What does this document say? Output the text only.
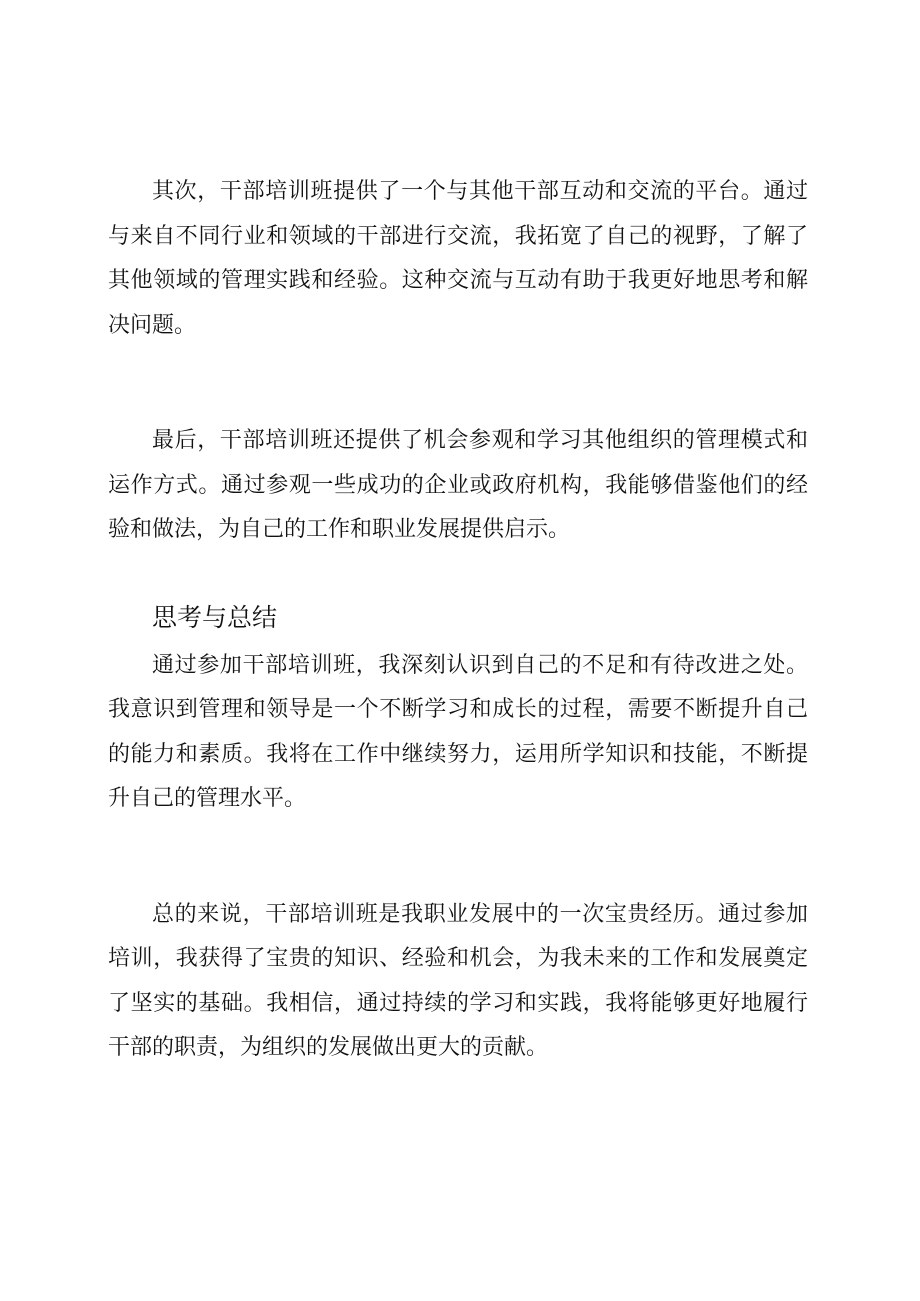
其次，干部培训班提供了一个与其他干部互动和交流的平台。通过与来自不同行业和领域的干部进行交流，我拓宽了自己的视野，了解了其他领域的管理实践和经验。这种交流与互动有助于我更好地思考和解决问题。

最后，干部培训班还提供了机会参观和学习其他组织的管理模式和运作方式。通过参观一些成功的企业或政府机构，我能够借鉴他们的经验和做法，为自己的工作和职业发展提供启示。

思考与总结

通过参加干部培训班，我深刻认识到自己的不足和有待改进之处。我意识到管理和领导是一个不断学习和成长的过程，需要不断提升自己的能力和素质。我将在工作中继续努力，运用所学知识和技能，不断提升自己的管理水平。

总的来说，干部培训班是我职业发展中的一次宝贵经历。通过参加培训，我获得了宝贵的知识、经验和机会，为我未来的工作和发展奠定了坚实的基础。我相信，通过持续的学习和实践，我将能够更好地履行干部的职责，为组织的发展做出更大的贡献。
